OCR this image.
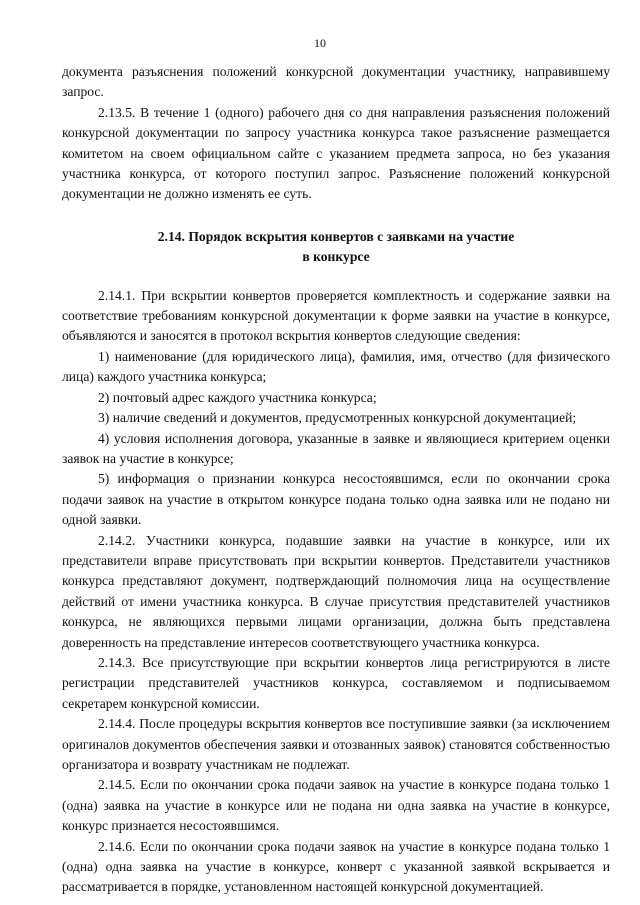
10

документа разъяснения положений конкурсной документации участнику, направившему запрос.

2.13.5. В течение 1 (одного) рабочего дня со дня направления разъяснения положений конкурсной документации по запросу участника конкурса такое разъяснение размещается комитетом на своем официальном сайте с указанием предмета запроса, но без указания участника конкурса, от которого поступил запрос. Разъяснение положений конкурсной документации не должно изменять ее суть.

2.14. Порядок вскрытия конвертов с заявками на участие
в конкурсе

2.14.1. При вскрытии конвертов проверяется комплектность и содержание заявки на соответствие требованиям конкурсной документации к форме заявки на участие в конкурсе, объявляются и заносятся в протокол вскрытия конвертов следующие сведения:

1) наименование (для юридического лица), фамилия, имя, отчество (для физического лица) каждого участника конкурса;

2) почтовый адрес каждого участника конкурса;

3) наличие сведений и документов, предусмотренных конкурсной документацией;

4) условия исполнения договора, указанные в заявке и являющиеся критерием оценки заявок на участие в конкурсе;

5) информация о признании конкурса несостоявшимся, если по окончании срока подачи заявок на участие в открытом конкурсе подана только одна заявка или не подано ни одной заявки.

2.14.2. Участники конкурса, подавшие заявки на участие в конкурсе, или их представители вправе присутствовать при вскрытии конвертов. Представители участников конкурса представляют документ, подтверждающий полномочия лица на осуществление действий от имени участника конкурса. В случае присутствия представителей участников конкурса, не являющихся первыми лицами организации, должна быть представлена доверенность на представление интересов соответствующего участника конкурса.

2.14.3. Все присутствующие при вскрытии конвертов лица регистрируются в листе регистрации представителей участников конкурса, составляемом и подписываемом секретарем конкурсной комиссии.

2.14.4. После процедуры вскрытия конвертов все поступившие заявки (за исключением оригиналов документов обеспечения заявки и отозванных заявок) становятся собственностью организатора и возврату участникам не подлежат.

2.14.5. Если по окончании срока подачи заявок на участие в конкурсе подана только 1 (одна) заявка на участие в конкурсе или не подана ни одна заявка на участие в конкурсе, конкурс признается несостоявшимся.

2.14.6. Если по окончании срока подачи заявок на участие в конкурсе подана только 1 (одна) одна заявка на участие в конкурсе, конверт с указанной заявкой вскрывается и рассматривается в порядке, установленном настоящей конкурсной документацией.
